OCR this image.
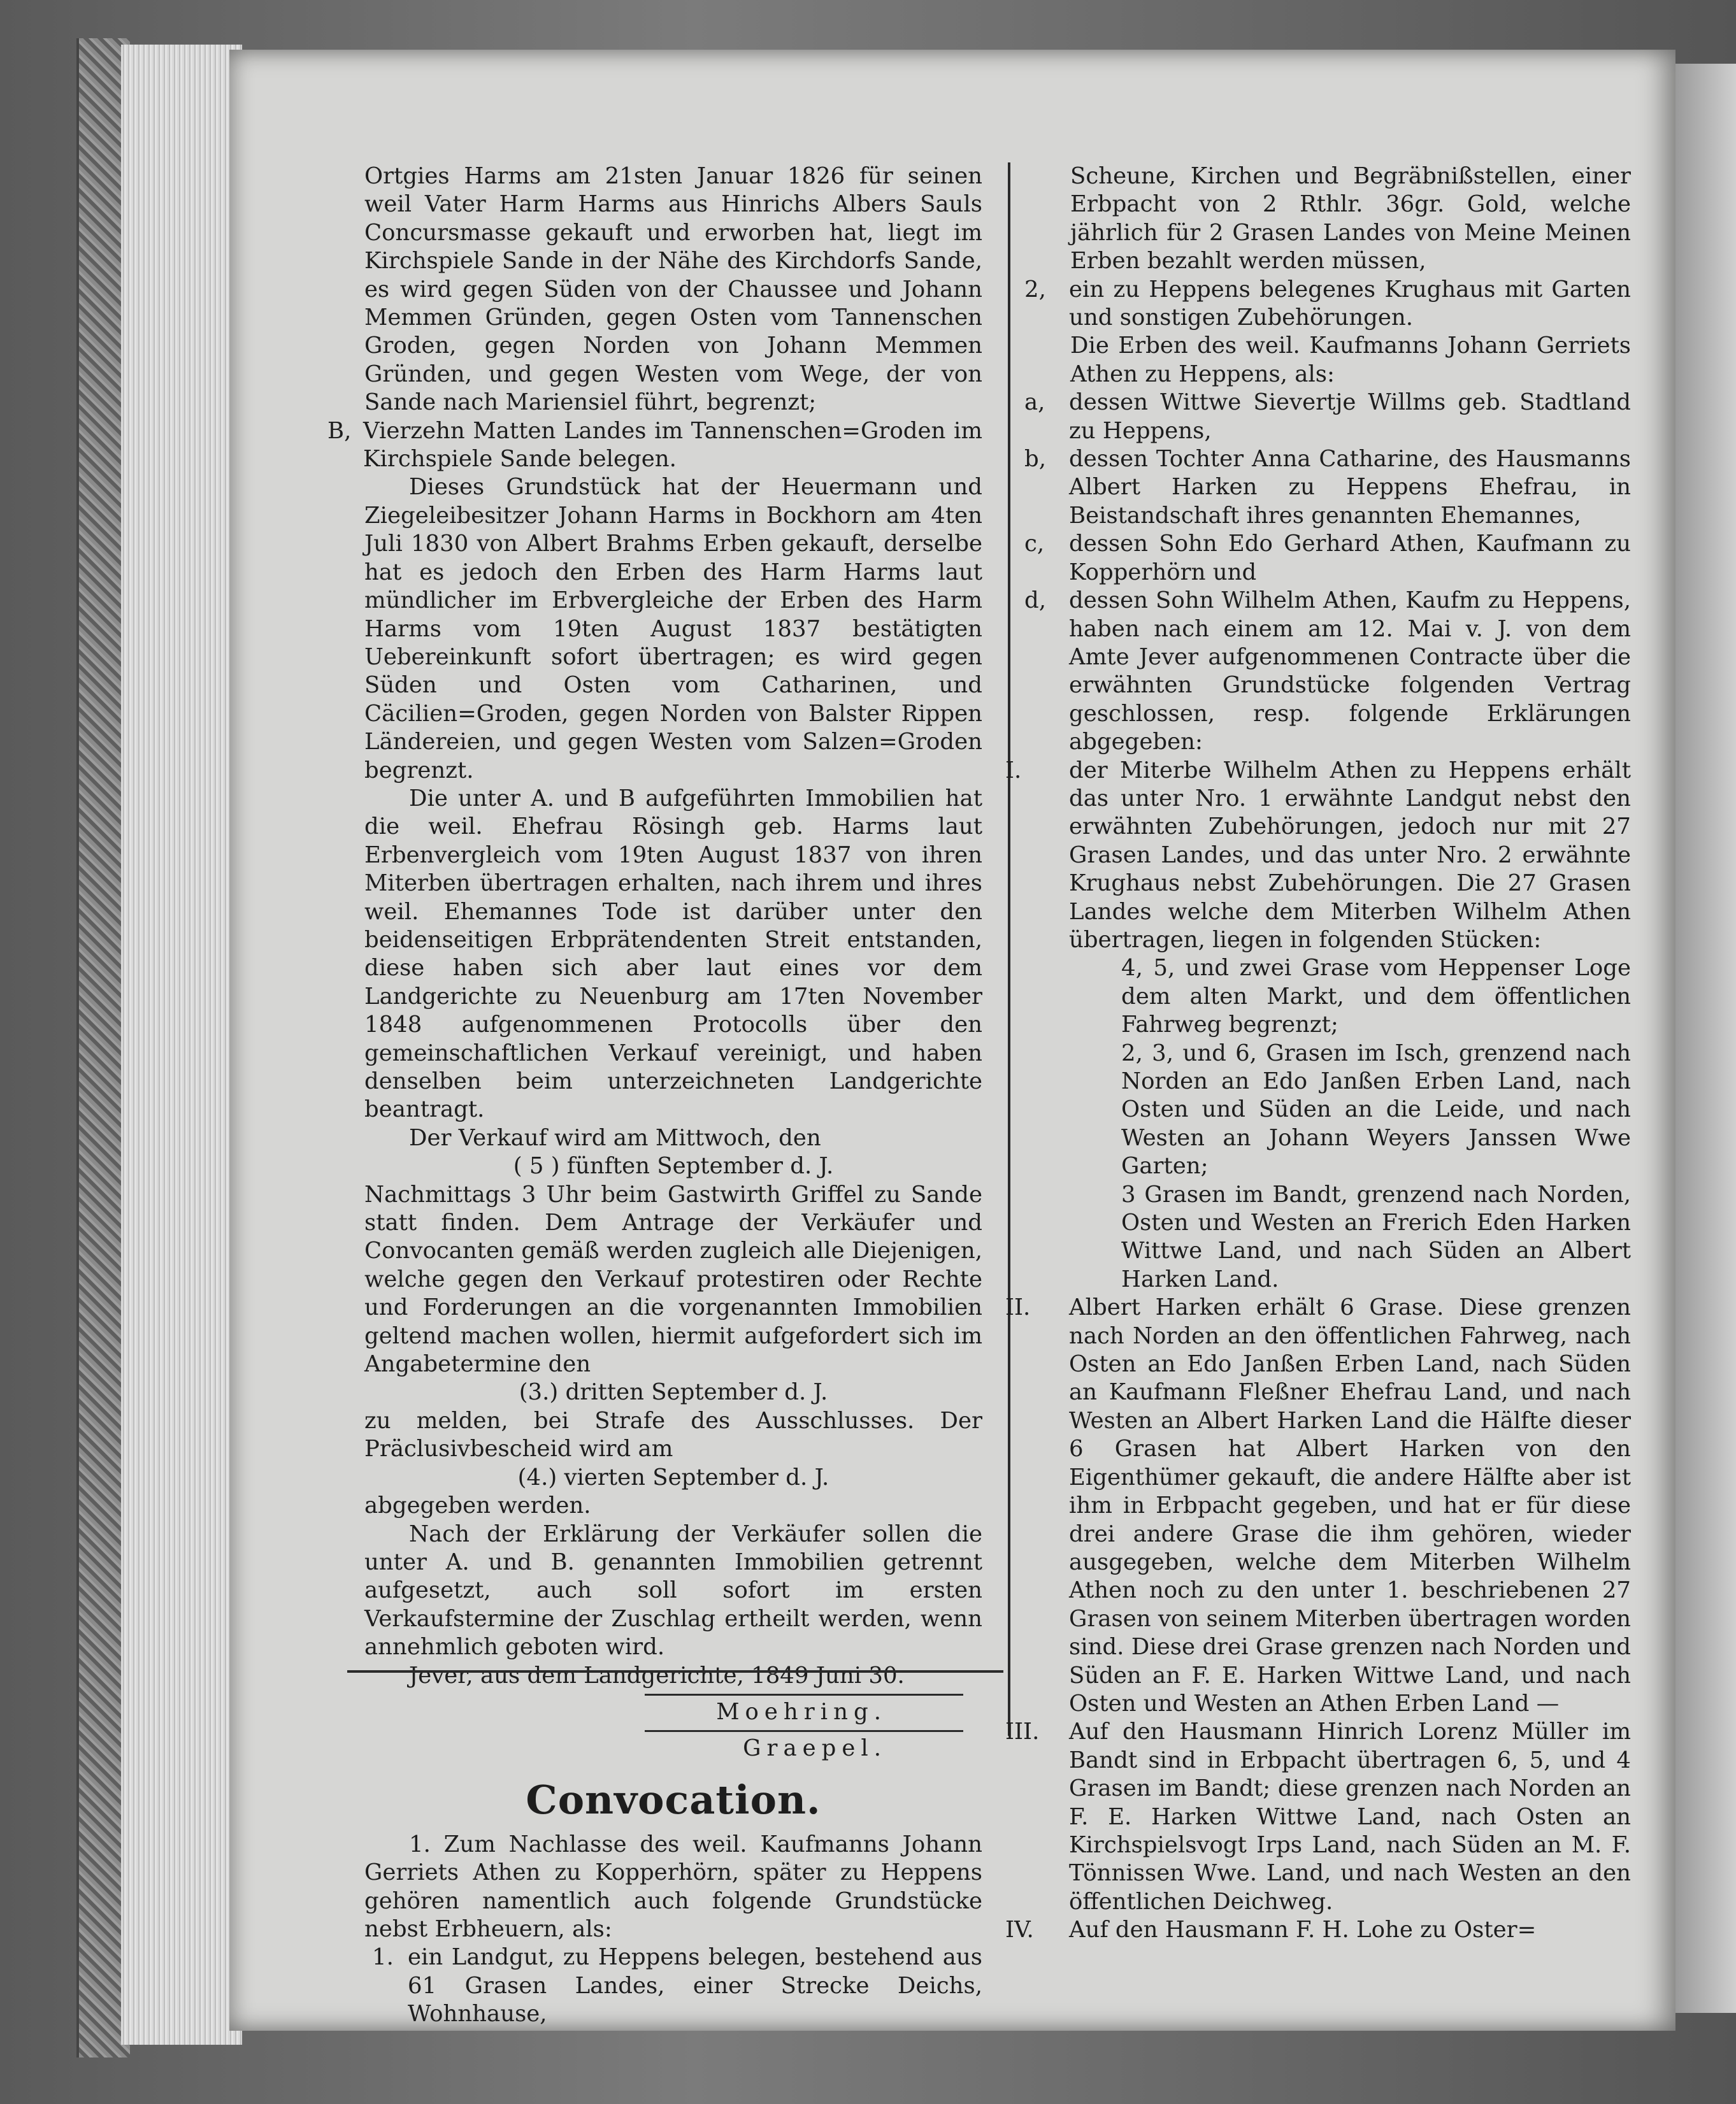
Ortgies Harms am 21sten Januar 1826 für seinen weil Vater Harm Harms aus Hinrichs Albers Sauls Concursmasse gekauft und erworben hat, liegt im Kirchspiele Sande in der Nähe des Kirchdorfs Sande, es wird gegen Süden von der Chaussee und Johann Memmen Gründen, gegen Osten vom Tannenschen Groden, gegen Norden von Johann Memmen Gründen, und gegen Westen vom Wege, der von Sande nach Mariensiel führt, begrenzt;

B, Vierzehn Matten Landes im Tannenschen=Groden im Kirchspiele Sande belegen.

Dieses Grundstück hat der Heuermann und Ziegeleibesitzer Johann Harms in Bockhorn am 4ten Juli 1830 von Albert Brahms Erben gekauft, derselbe hat es jedoch den Erben des Harm Harms laut mündlicher im Erbvergleiche der Erben des Harm Harms vom 19ten August 1837 bestätigten Uebereinkunft sofort übertragen; es wird gegen Süden und Osten vom Catharinen, und Cäcilien=Groden, gegen Norden von Balster Rippen Ländereien, und gegen Westen vom Salzen=Groden begrenzt.

Die unter A. und B aufgeführten Immobilien hat die weil. Ehefrau Rösingh geb. Harms laut Erbenvergleich vom 19ten August 1837 von ihren Miterben übertragen erhalten, nach ihrem und ihres weil. Ehemannes Tode ist darüber unter den beidenseitigen Erbprätendenten Streit entstanden, diese haben sich aber laut eines vor dem Landgerichte zu Neuenburg am 17ten November 1848 aufgenommenen Protocolls über den gemeinschaftlichen Verkauf vereinigt, und haben denselben beim unterzeichneten Landgerichte beantragt.

Der Verkauf wird am Mittwoch, den

( 5 ) fünften September d. J.

Nachmittags 3 Uhr beim Gastwirth Griffel zu Sande statt finden. Dem Antrage der Verkäufer und Convocanten gemäß werden zugleich alle Diejenigen, welche gegen den Verkauf protestiren oder Rechte und Forderungen an die vorgenannten Immobilien geltend machen wollen, hiermit aufgefordert sich im Angabetermine den

(3.) dritten September d. J.

zu melden, bei Strafe des Ausschlusses. Der Präclusivbescheid wird am

(4.) vierten September d. J.

abgegeben werden.

Nach der Erklärung der Verkäufer sollen die unter A. und B. genannten Immobilien getrennt aufgesetzt, auch soll sofort im ersten Verkaufstermine der Zuschlag ertheilt werden, wenn annehmlich geboten wird.

Jever, aus dem Landgerichte, 1849 Juni 30.

Moehring.

Graepel.

Convocation.

1. Zum Nachlasse des weil. Kaufmanns Johann Gerriets Athen zu Kopperhörn, später zu Heppens gehören namentlich auch folgende Grundstücke nebst Erbheuern, als:

1. ein Landgut, zu Heppens belegen, bestehend aus 61 Grasen Landes, einer Strecke Deichs, Wohnhause,

Scheune, Kirchen und Begräbnißstellen, einer Erbpacht von 2 Rthlr. 36gr. Gold, welche jährlich für 2 Grasen Landes von Meine Meinen Erben bezahlt werden müssen,

2,	ein zu Heppens belegenes Krughaus mit Garten und sonstigen Zubehörungen.

Die Erben des weil. Kaufmanns Johann Gerriets Athen zu Heppens, als:

a,	dessen Wittwe Sievertje Willms geb. Stadtland zu Heppens,
b,	dessen Tochter Anna Catharine, des Hausmanns Albert Harken zu Heppens Ehefrau, in Beistandschaft ihres genannten Ehemannes,
c,	dessen Sohn Edo Gerhard Athen, Kaufmann zu Kopperhörn und
d,	dessen Sohn Wilhelm Athen, Kaufm zu Heppens, haben nach einem am 12. Mai v. J. von dem Amte Jever aufgenommenen Contracte über die erwähnten Grundstücke folgenden Vertrag geschlossen, resp. folgende Erklärungen abgegeben:
I.	der Miterbe Wilhelm Athen zu Heppens erhält das unter Nro. 1 erwähnte Landgut nebst den erwähnten Zubehörungen, jedoch nur mit 27 Grasen Landes, und das unter Nro. 2 erwähnte Krughaus nebst Zubehörungen. Die 27 Grasen Landes welche dem Miterben Wilhelm Athen übertragen, liegen in folgenden Stücken:

4, 5, und zwei Grase vom Heppenser Loge dem alten Markt, und dem öffentlichen Fahrweg begrenzt;

2, 3, und 6, Grasen im Isch, grenzend nach Norden an Edo Janßen Erben Land, nach Osten und Süden an die Leide, und nach Westen an Johann Weyers Janssen Wwe Garten;

3 Grasen im Bandt, grenzend nach Norden, Osten und Westen an Frerich Eden Harken Wittwe Land, und nach Süden an Albert Harken Land.

II.	Albert Harken erhält 6 Grase. Diese grenzen nach Norden an den öffentlichen Fahrweg, nach Osten an Edo Janßen Erben Land, nach Süden an Kaufmann Fleßner Ehefrau Land, und nach Westen an Albert Harken Land die Hälfte dieser 6 Grasen hat Albert Harken von den Eigenthümer gekauft, die andere Hälfte aber ist ihm in Erbpacht gegeben, und hat er für diese drei andere Grase die ihm gehören, wieder ausgegeben, welche dem Miterben Wilhelm Athen noch zu den unter 1. beschriebenen 27 Grasen von seinem Miterben übertragen worden sind. Diese drei Grase grenzen nach Norden und Süden an F. E. Harken Wittwe Land, und nach Osten und Westen an Athen Erben Land —
III.	Auf den Hausmann Hinrich Lorenz Müller im Bandt sind in Erbpacht übertragen 6, 5, und 4 Grasen im Bandt; diese grenzen nach Norden an F. E. Harken Wittwe Land, nach Osten an Kirchspielsvogt Irps Land, nach Süden an M. F. Tönnissen Wwe. Land, und nach Westen an den öffentlichen Deichweg.
IV.	Auf den Hausmann F. H. Lohe zu Oster=
